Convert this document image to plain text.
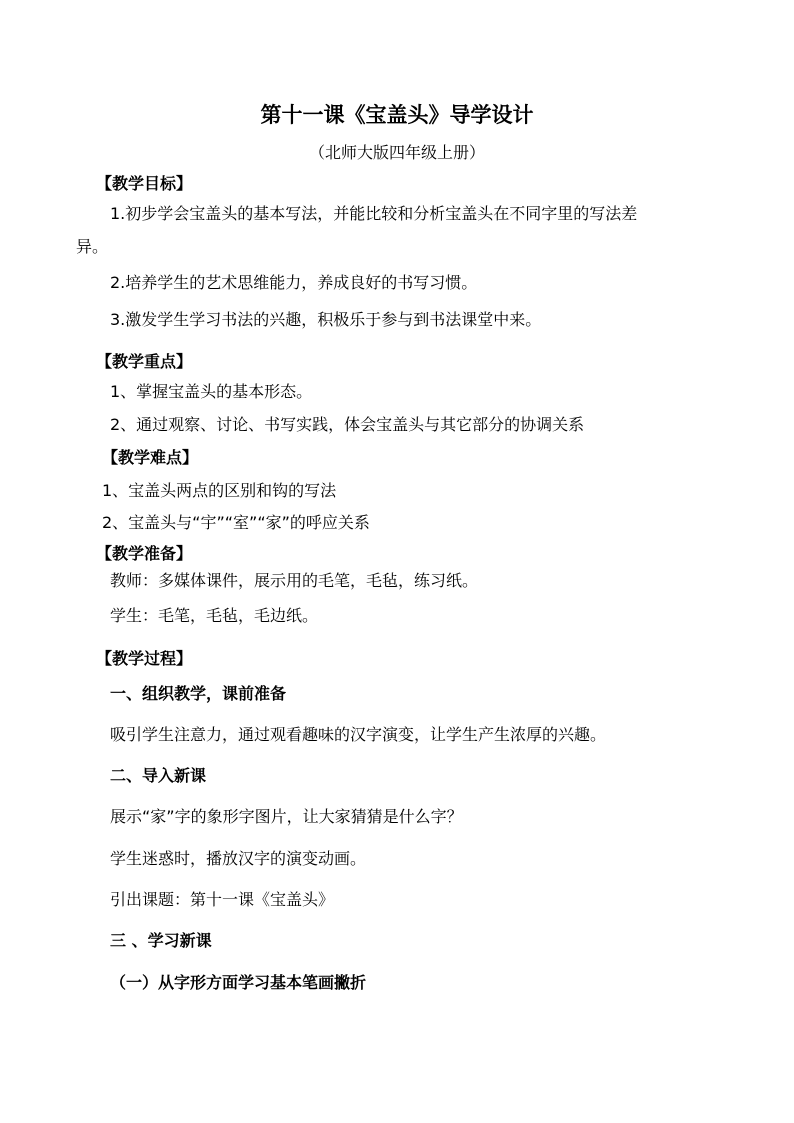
第十一课《宝盖头》导学设计
（北师大版四年级上册）
【教学目标】
1.初步学会宝盖头的基本写法，并能比较和分析宝盖头在不同字里的写法差
异。
2.培养学生的艺术思维能力，养成良好的书写习惯。
3.激发学生学习书法的兴趣，积极乐于参与到书法课堂中来。
【教学重点】
1、掌握宝盖头的基本形态。
2、通过观察、讨论、书写实践，体会宝盖头与其它部分的协调关系
【教学难点】
1、宝盖头两点的区别和钩的写法
2、宝盖头与“宇”“室”“家”的呼应关系
【教学准备】
教师：多媒体课件，展示用的毛笔，毛毡，练习纸。
学生：毛笔，毛毡，毛边纸。
【教学过程】
一、组织教学，课前准备
吸引学生注意力，通过观看趣味的汉字演变，让学生产生浓厚的兴趣。
二、导入新课
展示“家”字的象形字图片，让大家猜猜是什么字？
学生迷惑时，播放汉字的演变动画。
引出课题：第十一课《宝盖头》
三 、学习新课
（一）从字形方面学习基本笔画撇折
